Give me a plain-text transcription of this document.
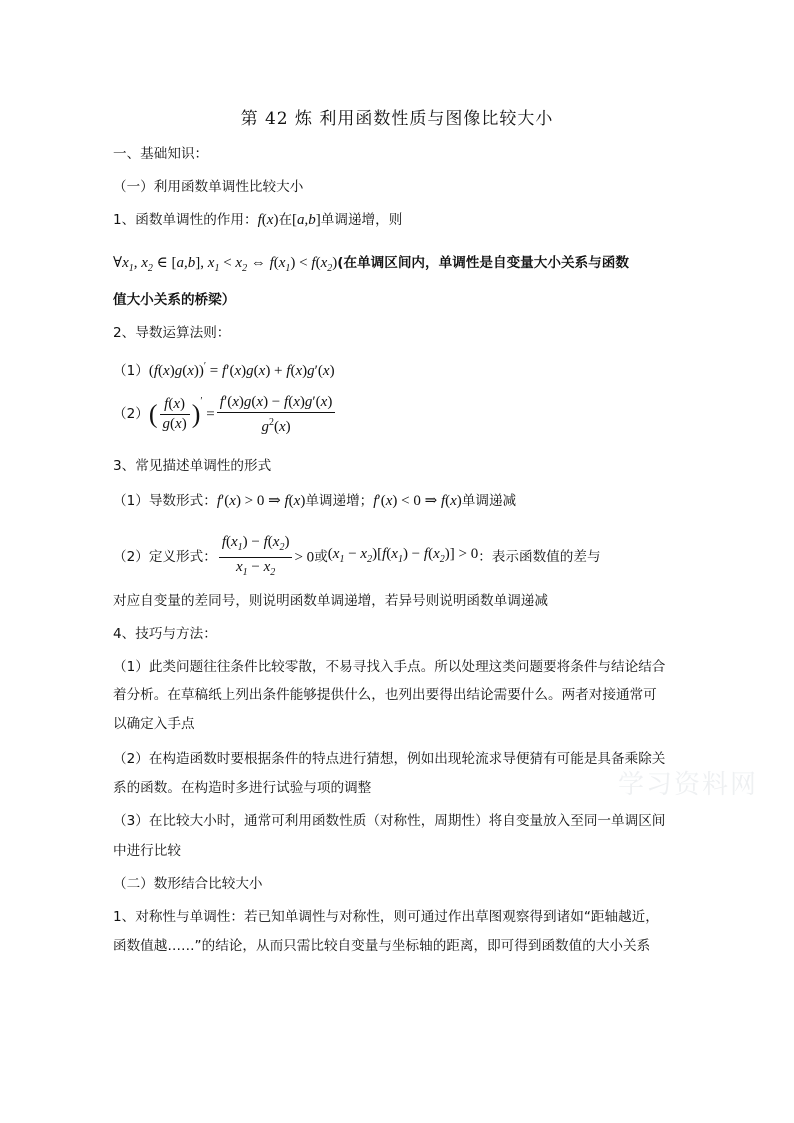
第 42 炼 利用函数性质与图像比较大小
一、基础知识：
（一）利用函数单调性比较大小
1、函数单调性的作用：f(x)在[a,b]单调递增，则
$\forall x_1$, $x_2$ ∈ [a,b], $x_1 < x_2$ ⇔ $f(x_1) < f(x_2)$(在单调区间内，单调性是自变量大小关系与函数
值大小关系的桥梁）
2、导数运算法则：
（1）(f(x)g(x))′ = f′(x)g(x) + f(x)g′(x)
$(2)( \frac{f(x)}{g(x)} )' = \frac{f'(x)g(x) - f(x)g'(x)}{g^2(x)}$
3、常见描述单调性的形式
（1）导数形式：f′(x) > 0 ⇒ f(x)单调递增；f′(x) < 0 ⇒ f(x)单调递减
（2）定义形式： $\frac{f(x_1) - f(x_2)}{x_1 - x_2} > 0$或$(x_1 - x_2)[f(x_1) - f(x_2)] > 0$：表示函数值的差与
对应自变量的差同号，则说明函数单调递增，若异号则说明函数单调递减
4、技巧与方法：
（1）此类问题往往条件比较零散，不易寻找入手点。所以处理这类问题要将条件与结论结合
着分析。在草稿纸上列出条件能够提供什么，也列出要得出结论需要什么。两者对接通常可
以确定入手点
（2）在构造函数时要根据条件的特点进行猜想，例如出现轮流求导便猜有可能是具备乘除关
系的函数。在构造时多进行试验与项的调整
（3）在比较大小时，通常可利用函数性质（对称性，周期性）将自变量放入至同一单调区间
中进行比较
（二）数形结合比较大小
1、对称性与单调性：若已知单调性与对称性，则可通过作出草图观察得到诸如“距轴越近，
函数值越……”的结论，从而只需比较自变量与坐标轴的距离，即可得到函数值的大小关系
学习资料网
